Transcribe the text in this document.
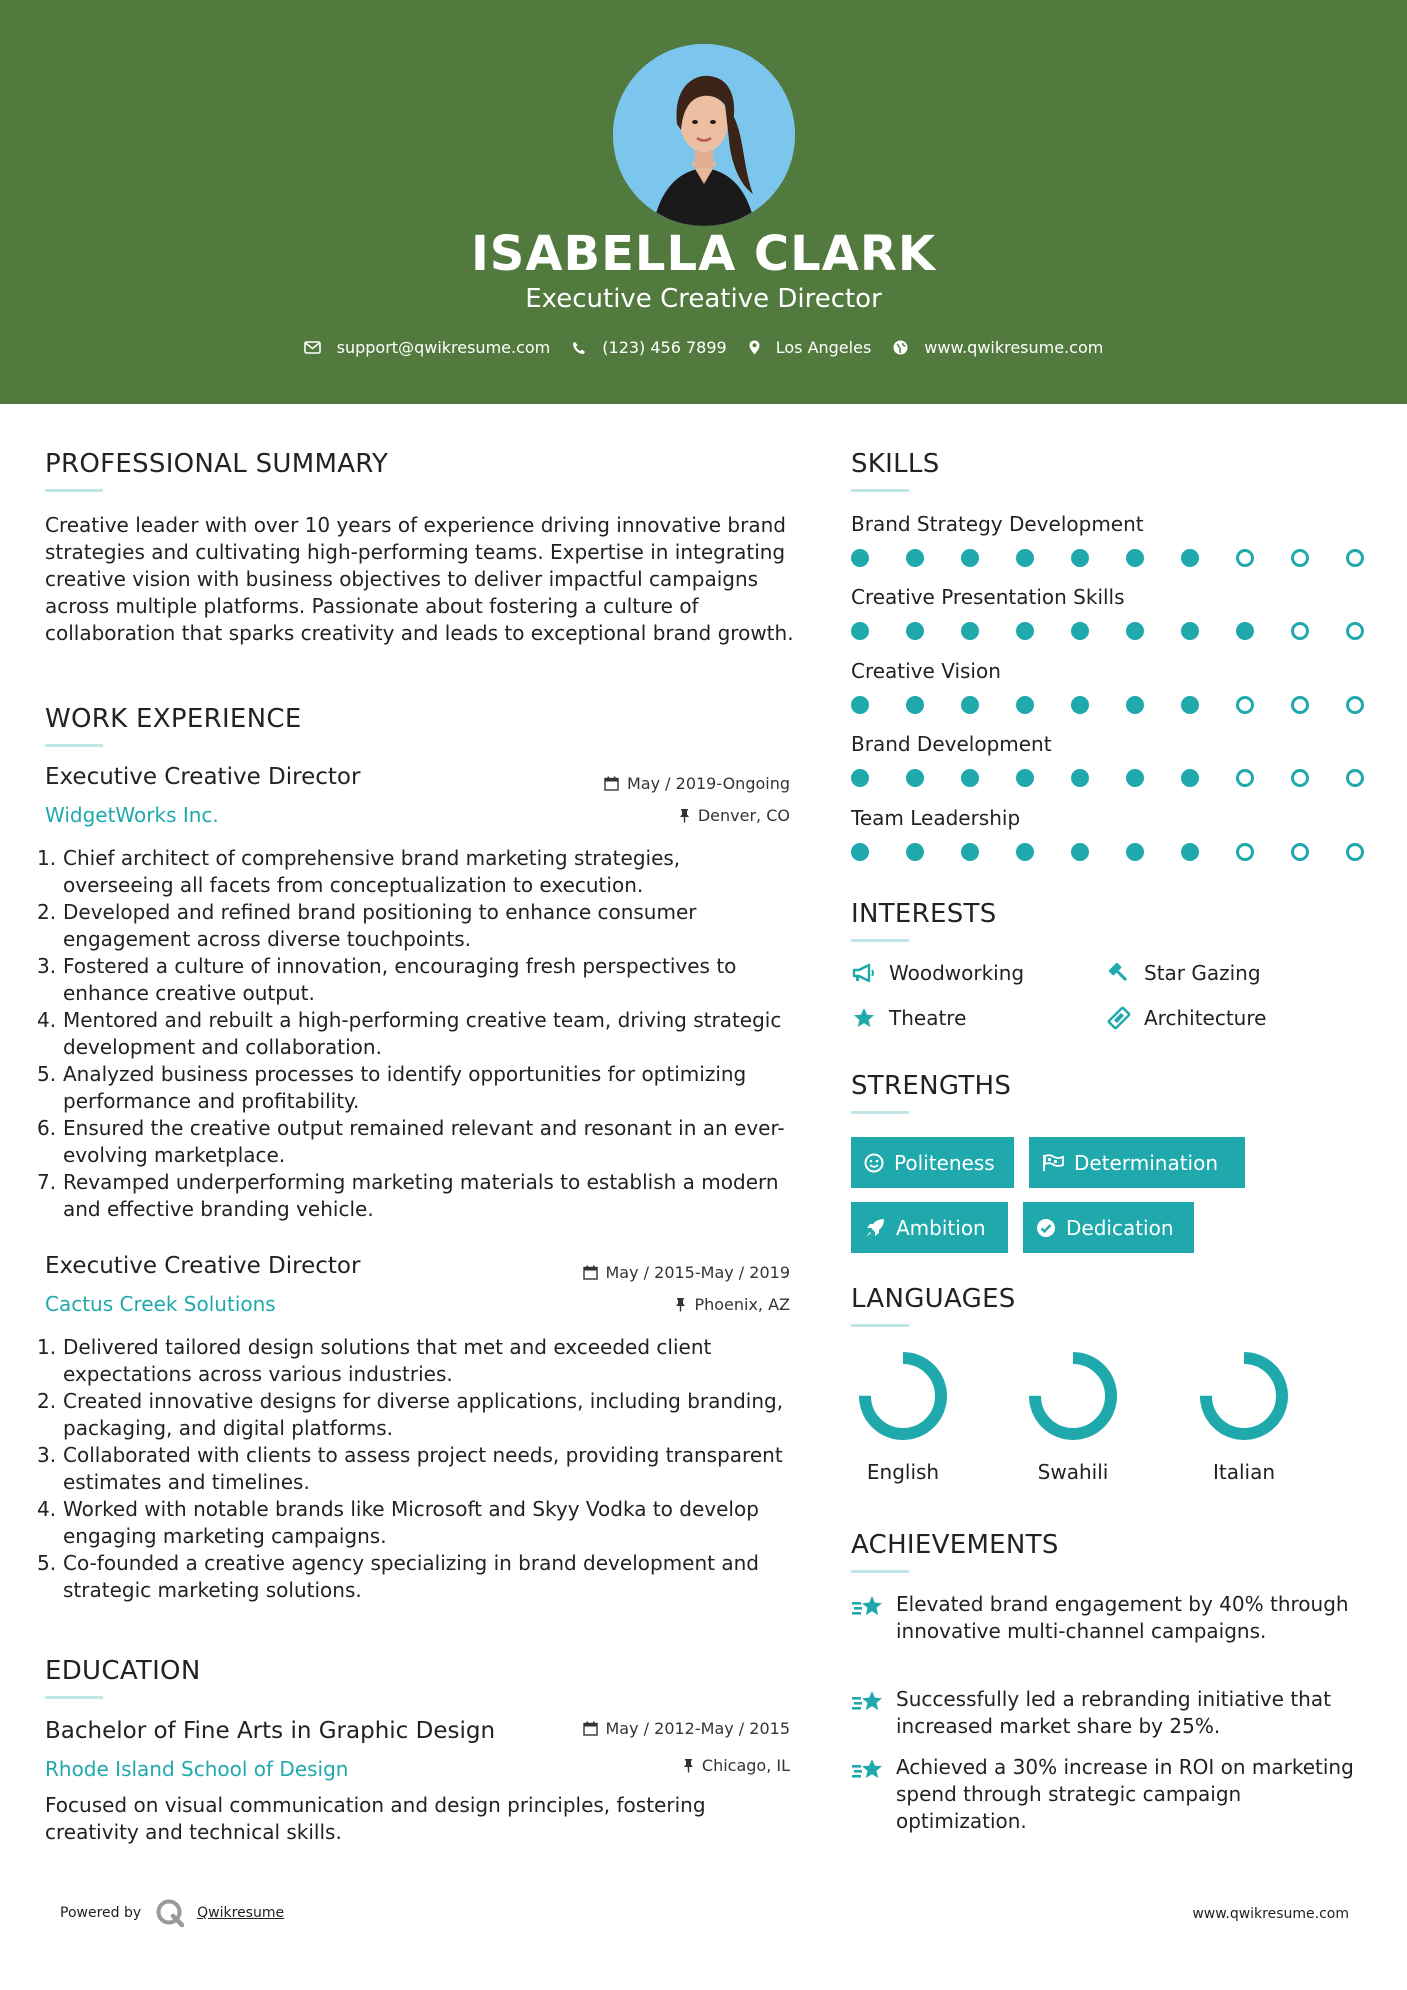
ISABELLA CLARK
Executive Creative Director
support@qwikresume.com	(123) 456 7899	Los Angeles	www.qwikresume.com
PROFESSIONAL SUMMARY
Creative leader with over 10 years of experience driving innovative brand strategies and cultivating high-performing teams. Expertise in integrating creative vision with business objectives to deliver impactful campaigns across multiple platforms. Passionate about fostering a culture of collaboration that sparks creativity and leads to exceptional brand growth.
WORK EXPERIENCE
Executive Creative Director	May / 2019-Ongoing
WidgetWorks Inc.	Denver, CO
1. Chief architect of comprehensive brand marketing strategies, overseeing all facets from conceptualization to execution.
2. Developed and refined brand positioning to enhance consumer engagement across diverse touchpoints.
3. Fostered a culture of innovation, encouraging fresh perspectives to enhance creative output.
4. Mentored and rebuilt a high-performing creative team, driving strategic development and collaboration.
5. Analyzed business processes to identify opportunities for optimizing performance and profitability.
6. Ensured the creative output remained relevant and resonant in an ever-evolving marketplace.
7. Revamped underperforming marketing materials to establish a modern and effective branding vehicle.
Executive Creative Director	May / 2015-May / 2019
Cactus Creek Solutions	Phoenix, AZ
1. Delivered tailored design solutions that met and exceeded client expectations across various industries.
2. Created innovative designs for diverse applications, including branding, packaging, and digital platforms.
3. Collaborated with clients to assess project needs, providing transparent estimates and timelines.
4. Worked with notable brands like Microsoft and Skyy Vodka to develop engaging marketing campaigns.
5. Co-founded a creative agency specializing in brand development and strategic marketing solutions.
EDUCATION
Bachelor of Fine Arts in Graphic Design	May / 2012-May / 2015
Rhode Island School of Design	Chicago, IL
Focused on visual communication and design principles, fostering creativity and technical skills.
SKILLS
Brand Strategy Development
Creative Presentation Skills
Creative Vision
Brand Development
Team Leadership
INTERESTS
Woodworking	Star Gazing
Theatre	Architecture
STRENGTHS
Politeness	Determination
Ambition	Dedication
LANGUAGES
English	Swahili	Italian
ACHIEVEMENTS
Elevated brand engagement by 40% through innovative multi-channel campaigns.
Successfully led a rebranding initiative that increased market share by 25%.
Achieved a 30% increase in ROI on marketing spend through strategic campaign optimization.
Powered by	Qwikresume	www.qwikresume.com
